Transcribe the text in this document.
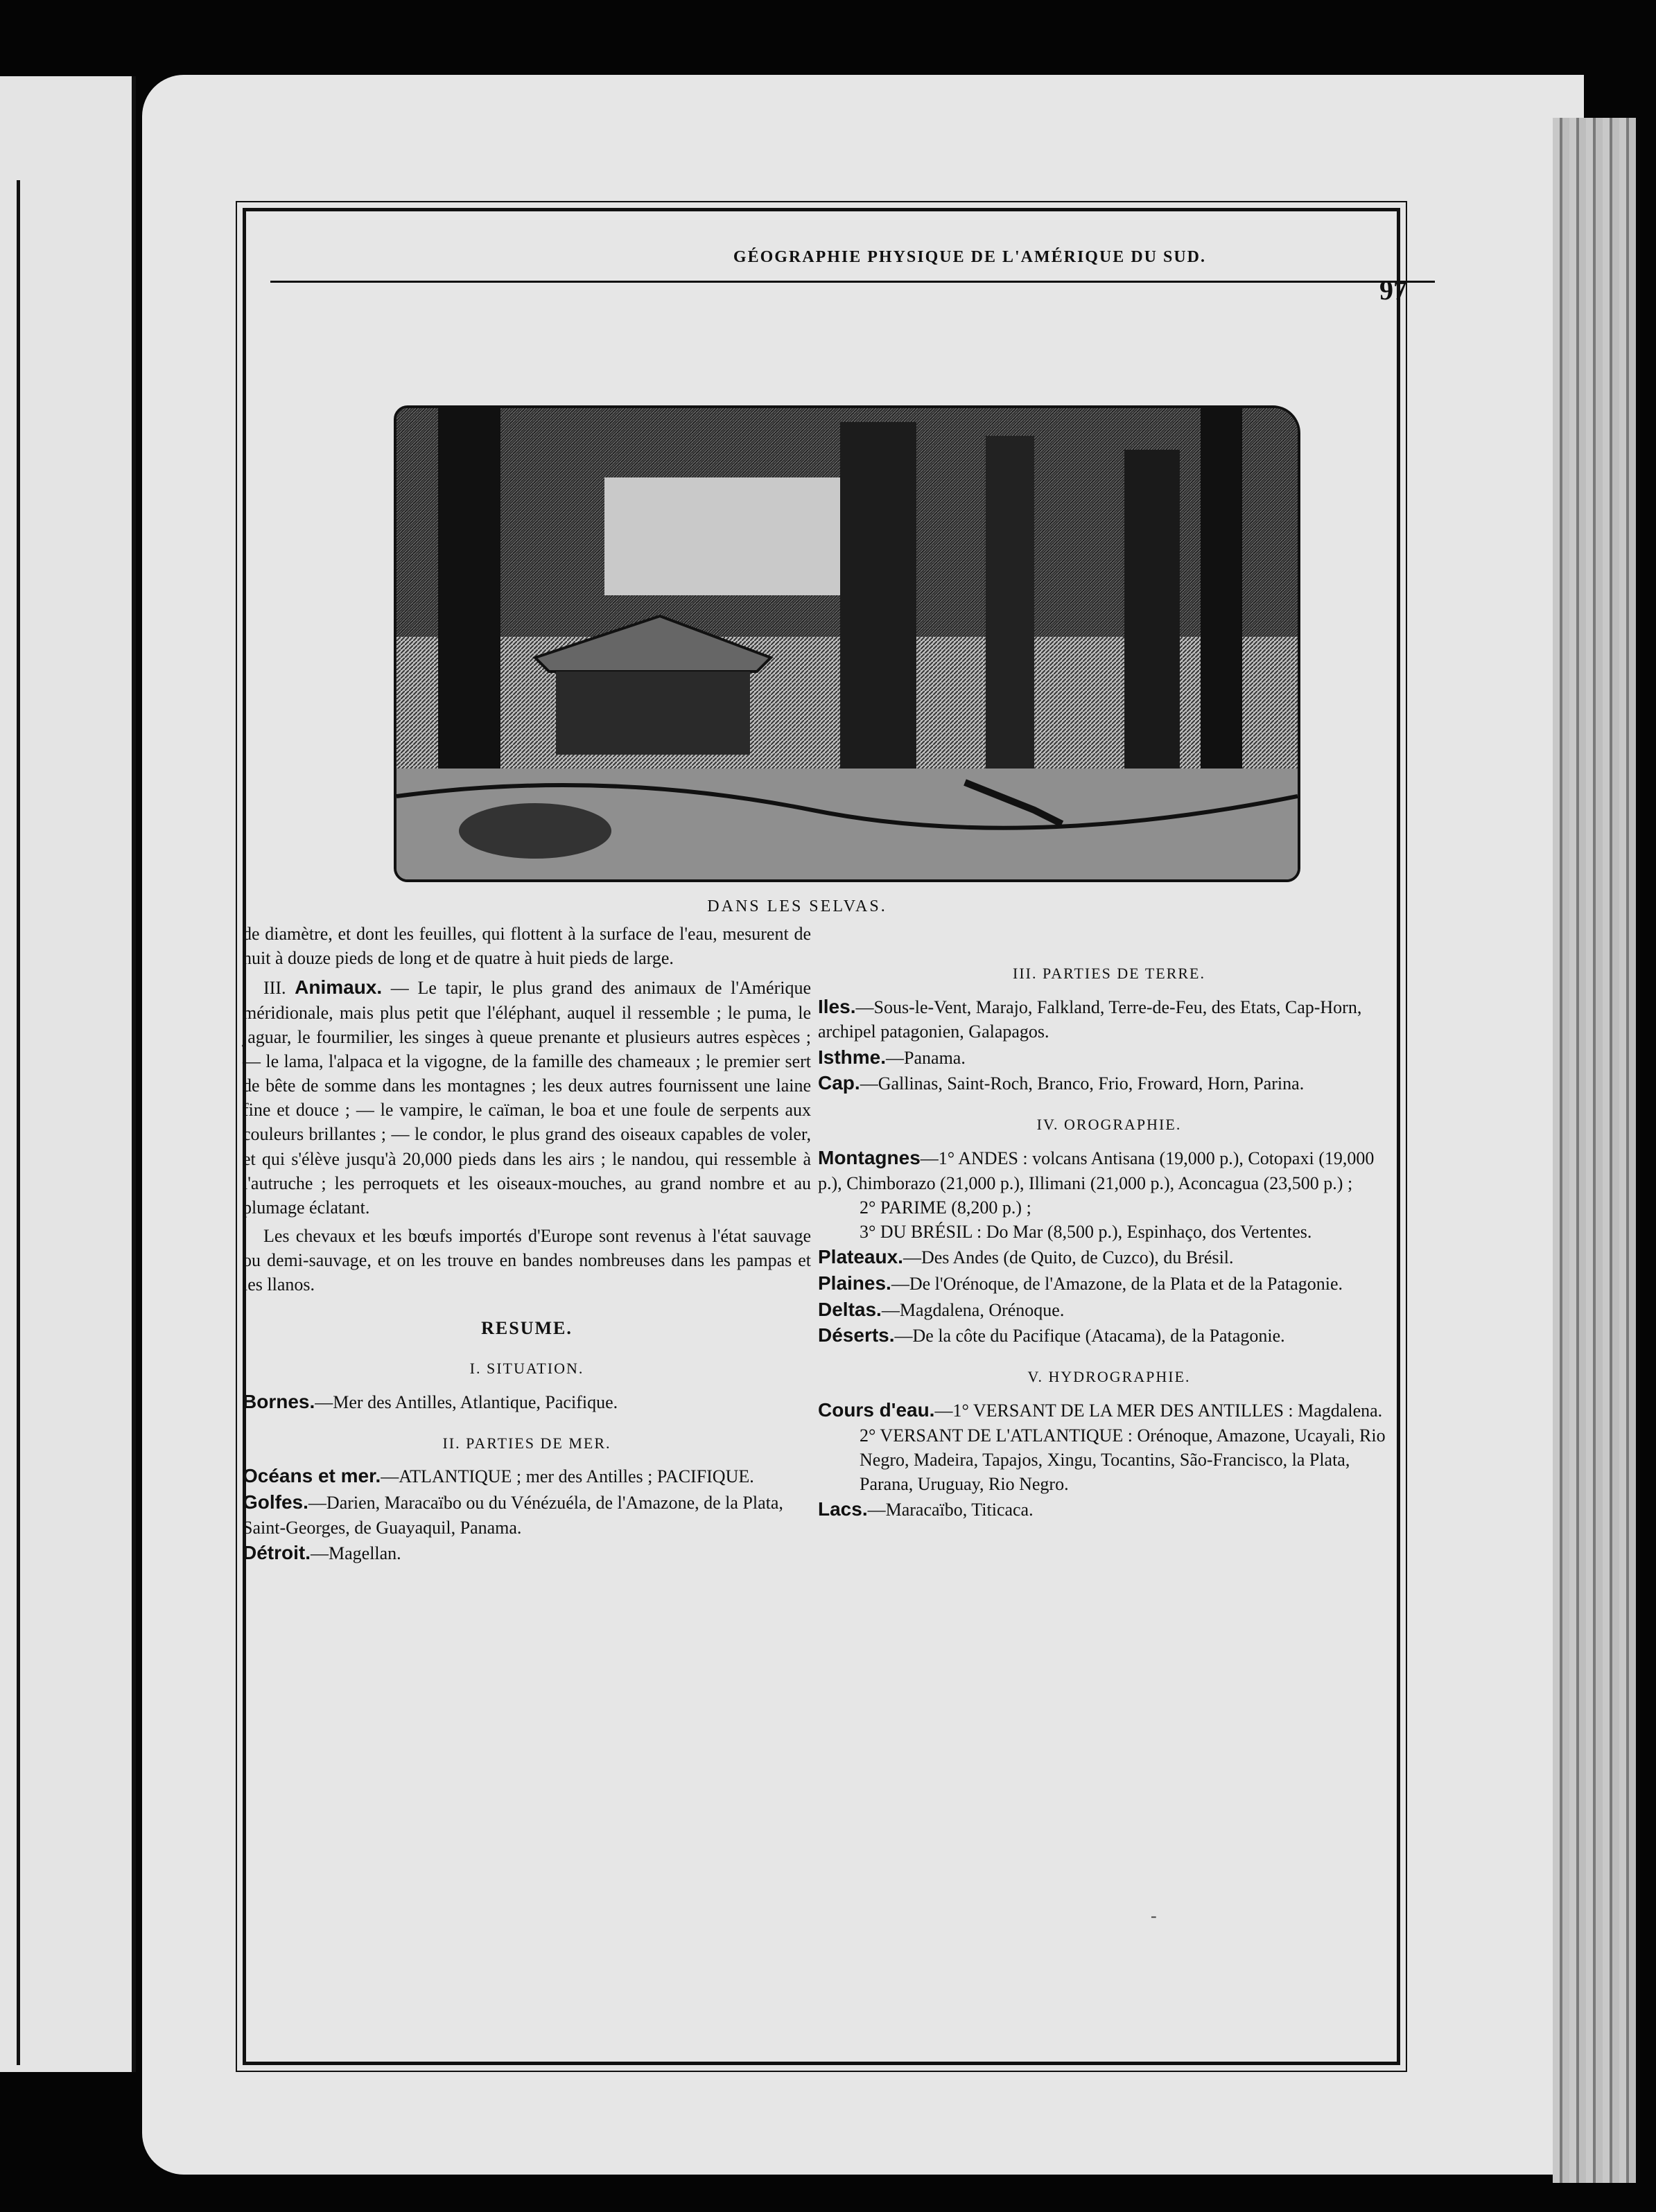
GÉOGRAPHIE PHYSIQUE DE L'AMÉRIQUE DU SUD.
97
DANS LES SELVAS.

de diamètre, et dont les feuilles, qui flottent à la surface de l'eau, mesurent de huit à douze pieds de long et de quatre à huit pieds de large.

III. Animaux. — Le tapir, le plus grand des animaux de l'Amérique méridionale, mais plus petit que l'éléphant, auquel il ressemble ; le puma, le jaguar, le fourmilier, les singes à queue prenante et plusieurs autres espèces ; — le lama, l'alpaca et la vigogne, de la famille des chameaux ; le premier sert de bête de somme dans les montagnes ; les deux autres fournissent une laine fine et douce ; — le vampire, le caïman, le boa et une foule de serpents aux couleurs brillantes ; — le condor, le plus grand des oiseaux capables de voler, et qui s'élève jusqu'à 20,000 pieds dans les airs ; le nandou, qui ressemble à l'autruche ; les perroquets et les oiseaux-mouches, au grand nombre et au plumage éclatant.

Les chevaux et les bœufs importés d'Europe sont revenus à l'état sauvage ou demi-sauvage, et on les trouve en bandes nombreuses dans les pampas et les llanos.

RESUME.
I. SITUATION.

Bornes.—Mer des Antilles, Atlantique, Pacifique.

II. PARTIES DE MER.

Océans et mer.—ATLANTIQUE ; mer des Antilles ; PACIFIQUE.

Golfes.—Darien, Maracaïbo ou du Vénézuéla, de l'Amazone, de la Plata, Saint-Georges, de Guayaquil, Panama.

Détroit.—Magellan.

III. PARTIES DE TERRE.

Iles.—Sous-le-Vent, Marajo, Falkland, Terre-de-Feu, des Etats, Cap-Horn, archipel patagonien, Galapagos.

Isthme.—Panama.

Cap.—Gallinas, Saint-Roch, Branco, Frio, Froward, Horn, Parina.

IV. OROGRAPHIE.

Montagnes—1° ANDES : volcans Antisana (19,000 p.), Cotopaxi (19,000 p.), Chimborazo (21,000 p.), Illimani (21,000 p.), Aconcagua (23,500 p.) ;

2° PARIME (8,200 p.) ;

3° DU BRÉSIL : Do Mar (8,500 p.), Espinhaço, dos Vertentes.

Plateaux.—Des Andes (de Quito, de Cuzco), du Brésil.

Plaines.—De l'Orénoque, de l'Amazone, de la Plata et de la Patagonie.

Deltas.—Magdalena, Orénoque.

Déserts.—De la côte du Pacifique (Atacama), de la Patagonie.

V. HYDROGRAPHIE.

Cours d'eau.—1° VERSANT DE LA MER DES ANTILLES : Magdalena.

2° VERSANT DE L'ATLANTIQUE : Orénoque, Amazone, Ucayali, Rio Negro, Madeira, Tapajos, Xingu, Tocantins, São-Francisco, la Plata, Parana, Uruguay, Rio Negro.

Lacs.—Maracaïbo, Titicaca.

-
